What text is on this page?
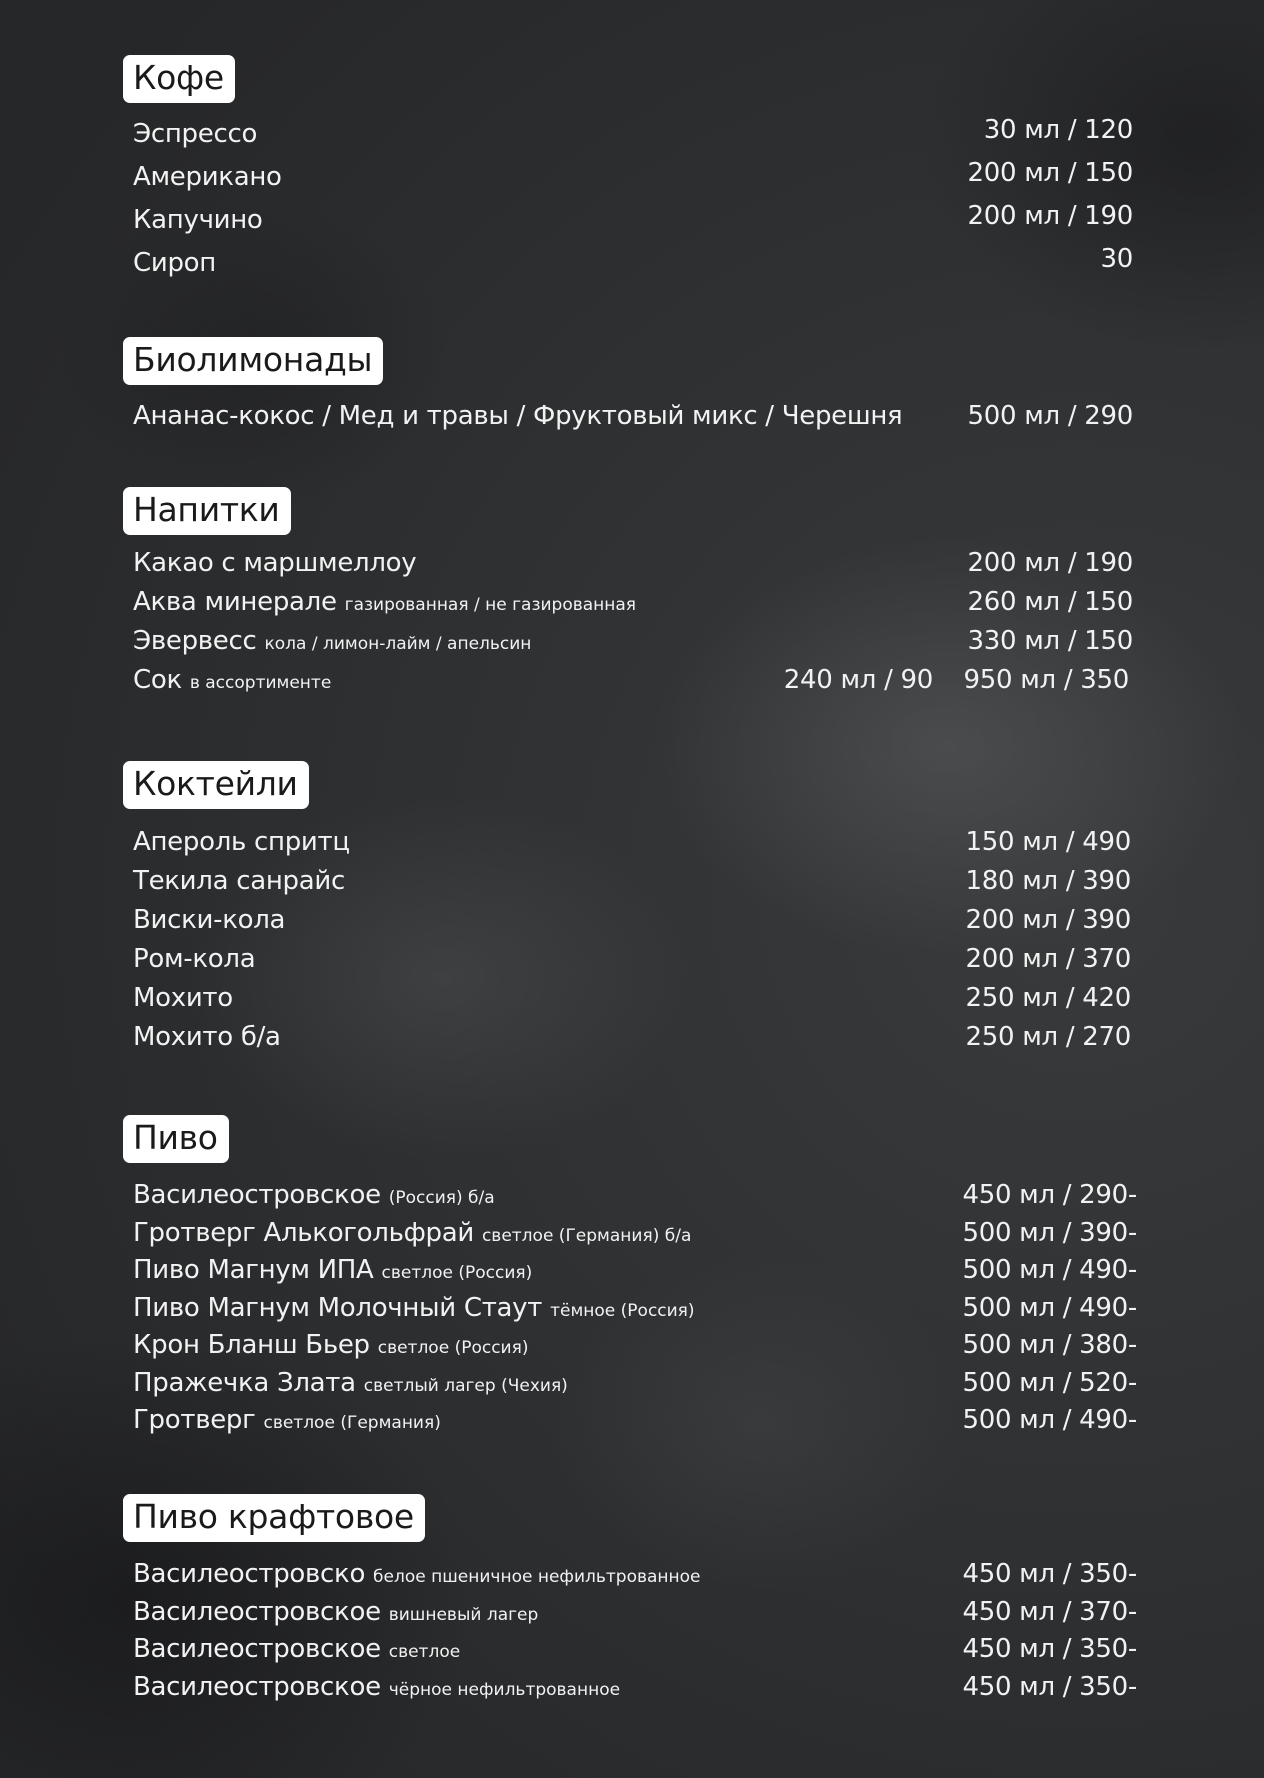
Кофе
Эспрессо	30 мл / 120
Американо	200 мл / 150
Капучино	200 мл / 190
Сироп	30
Биолимонады
Ананас-кокос / Мед и травы / Фруктовый микс / Черешня	500 мл / 290
Напитки
Какао с маршмеллоу	200 мл / 190
Аква минерале газированная / не газированная	260 мл / 150
Эвервесс кола / лимон-лайм / апельсин	330 мл / 150
Сок в ассортименте	240 мл / 90 950 мл / 350
Коктейли
Апероль спритц	150 мл / 490
Текила санрайс	180 мл / 390
Виски-кола	200 мл / 390
Ром-кола	200 мл / 370
Мохито	250 мл / 420
Мохито б/а	250 мл / 270
Пиво
Василеостровское (Россия) б/а	450 мл / 290-
Гротверг Алькогольфрай светлое (Германия) б/а	500 мл / 390-
Пиво Магнум ИПА светлое (Россия)	500 мл / 490-
Пиво Магнум Молочный Стаут тёмное (Россия)	500 мл / 490-
Крон Бланш Бьер светлое (Россия)	500 мл / 380-
Пражечка Злата светлый лагер (Чехия)	500 мл / 520-
Гротверг светлое (Германия)	500 мл / 490-
Пиво крафтовое
Василеостровско белое пшеничное нефильтрованное	450 мл / 350-
Василеостровское вишневый лагер	450 мл / 370-
Василеостровское светлое	450 мл / 350-
Василеостровское чёрное нефильтрованное	450 мл / 350-
